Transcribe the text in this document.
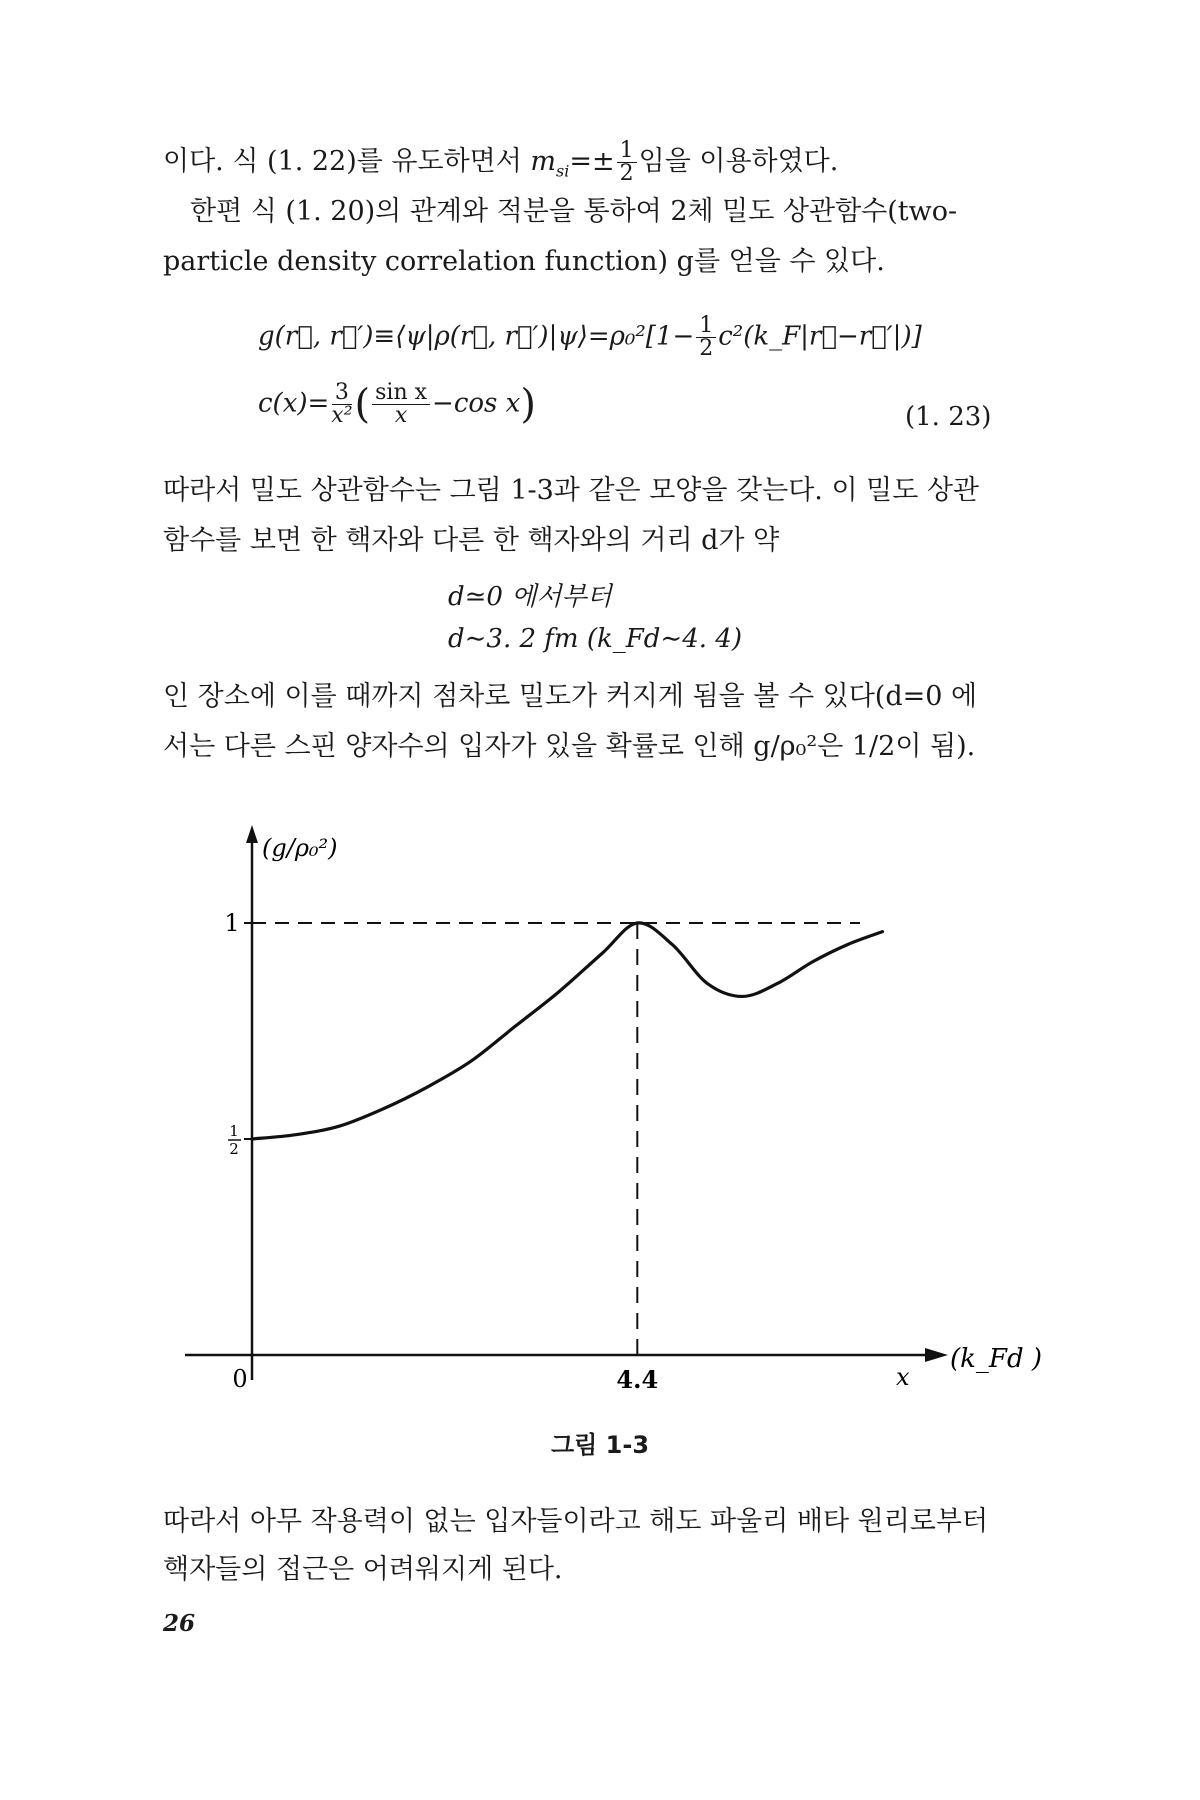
이다. 식 (1. 22)를 유도하면서 $m_{si}=\pm \frac{1}{2}$ 임을 이용하였다.
한편 식 (1. 20)의 관계와 적분을 통하여 2체 밀도 상관함수(two-
particle density correlation function) g를 얻을 수 있다.
g(r⃗, r⃗′)≡⟨ψ|ρ(r⃗, r⃗′)|ψ⟩=ρ₀²[1− $\frac{1}{2}$ c²(k_F|r⃗−r⃗′|)]
$c(x)= \frac{3}{\text{x²}}$ ( $\frac{\text{sin x}}{x} -\cos$ x)	(1. 23)
따라서 밀도 상관함수는 그림 1-3과 같은 모양을 갖는다. 이 밀도 상관
함수를 보면 한 핵자와 다른 한 핵자와의 거리 d가 약
d≃0 에서부터
d∼3. 2 fm (k_Fd∼4. 4)
인 장소에 이를 때까지 점차로 밀도가 커지게 됨을 볼 수 있다(d=0 에
서는 다른 스핀 양자수의 입자가 있을 확률로 인해 g/ρ₀²은 1/2이 됨).
(g/ρ₀²)
1
1
2
0	4.4	x
(k_Fd )
그림 1-3
따라서 아무 작용력이 없는 입자들이라고 해도 파울리 배타 원리로부터
핵자들의 접근은 어려워지게 된다.
26
